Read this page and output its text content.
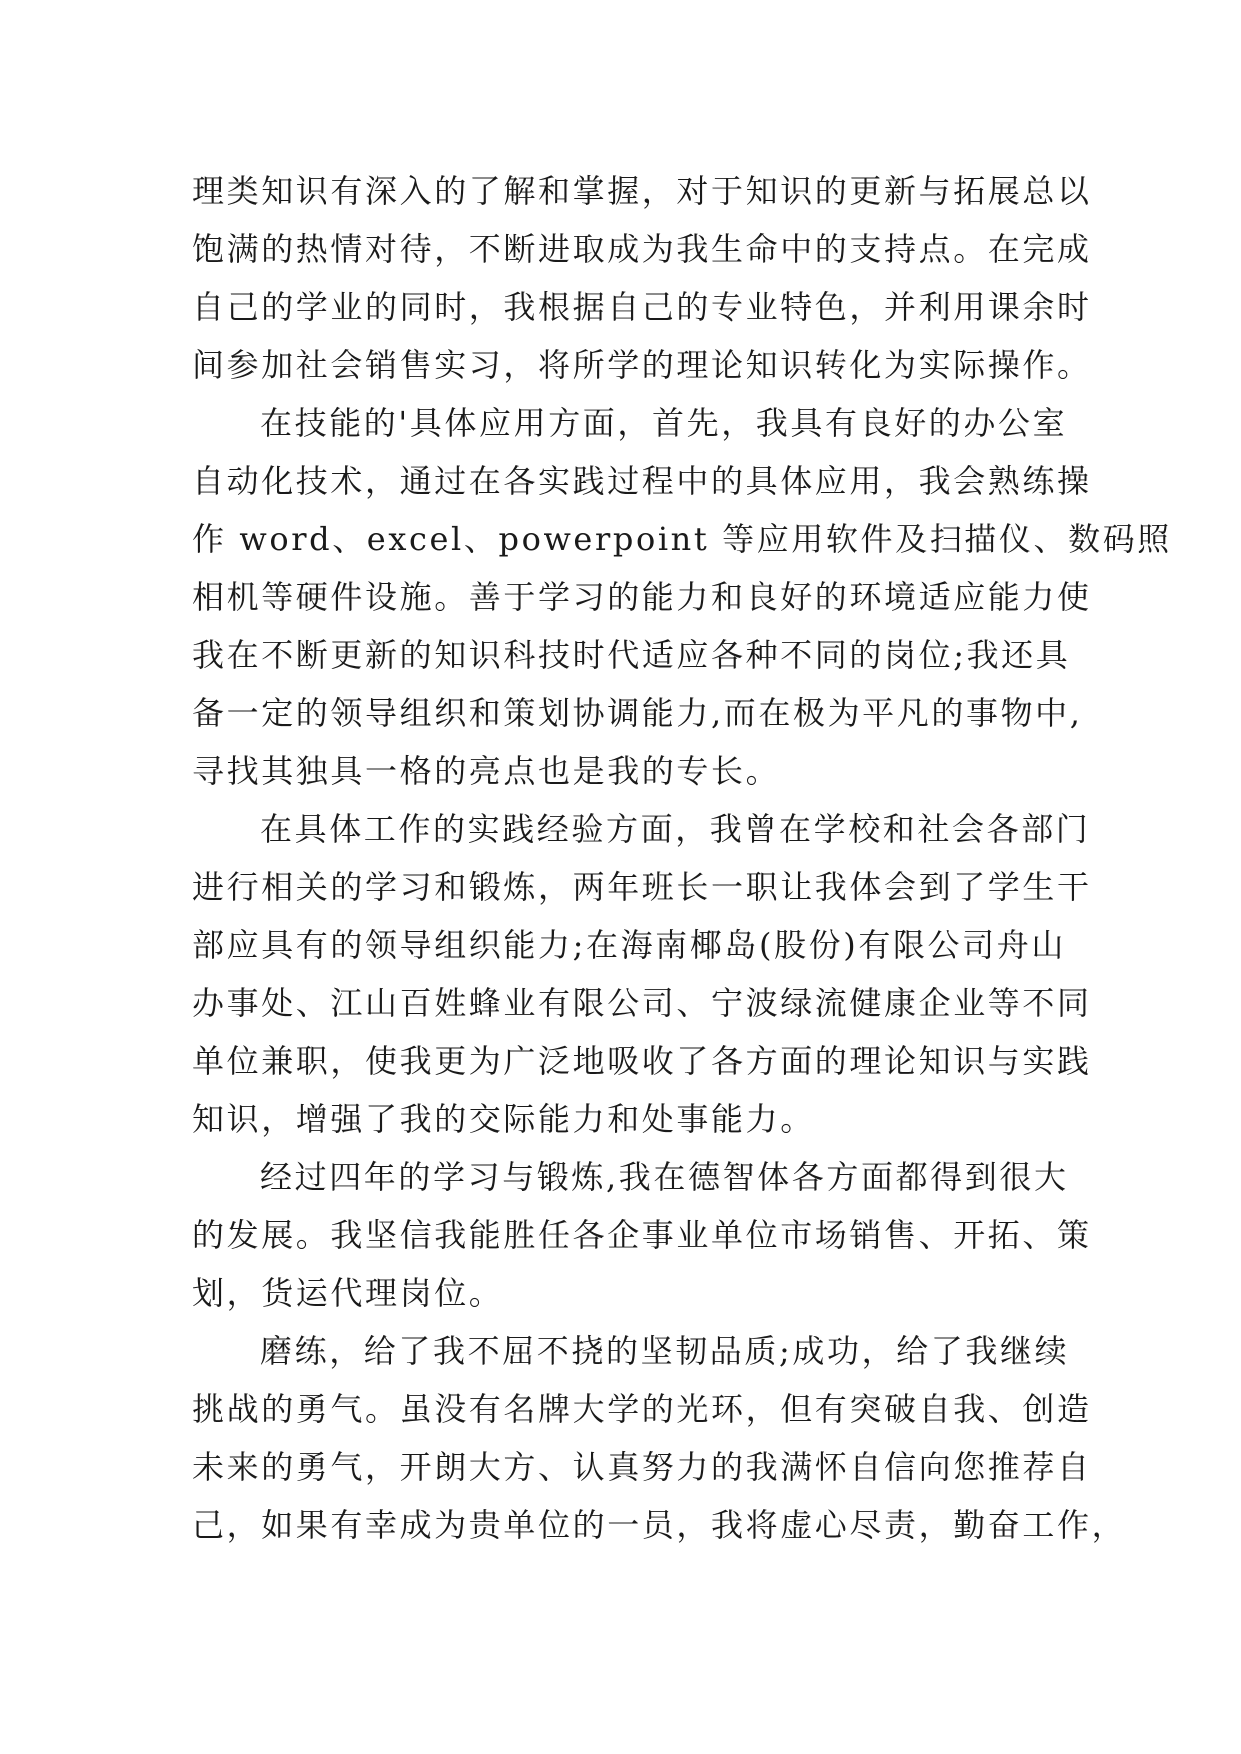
理类知识有深入的了解和掌握，对于知识的更新与拓展总以
饱满的热情对待，不断进取成为我生命中的支持点。在完成
自己的学业的同时，我根据自己的专业特色，并利用课余时
间参加社会销售实习，将所学的理论知识转化为实际操作。
在技能的'具体应用方面，首先，我具有良好的办公室
自动化技术，通过在各实践过程中的具体应用，我会熟练操
作 word、excel、powerpoint 等应用软件及扫描仪、数码照
相机等硬件设施。善于学习的能力和良好的环境适应能力使
我在不断更新的知识科技时代适应各种不同的岗位;我还具
备一定的领导组织和策划协调能力,而在极为平凡的事物中,
寻找其独具一格的亮点也是我的专长。
在具体工作的实践经验方面，我曾在学校和社会各部门
进行相关的学习和锻炼，两年班长一职让我体会到了学生干
部应具有的领导组织能力;在海南椰岛(股份)有限公司舟山
办事处、江山百姓蜂业有限公司、宁波绿流健康企业等不同
单位兼职，使我更为广泛地吸收了各方面的理论知识与实践
知识，增强了我的交际能力和处事能力。
经过四年的学习与锻炼,我在德智体各方面都得到很大
的发展。我坚信我能胜任各企事业单位市场销售、开拓、策
划，货运代理岗位。
磨练，给了我不屈不挠的坚韧品质;成功，给了我继续
挑战的勇气。虽没有名牌大学的光环，但有突破自我、创造
未来的勇气，开朗大方、认真努力的我满怀自信向您推荐自
己，如果有幸成为贵单位的一员，我将虚心尽责，勤奋工作，
